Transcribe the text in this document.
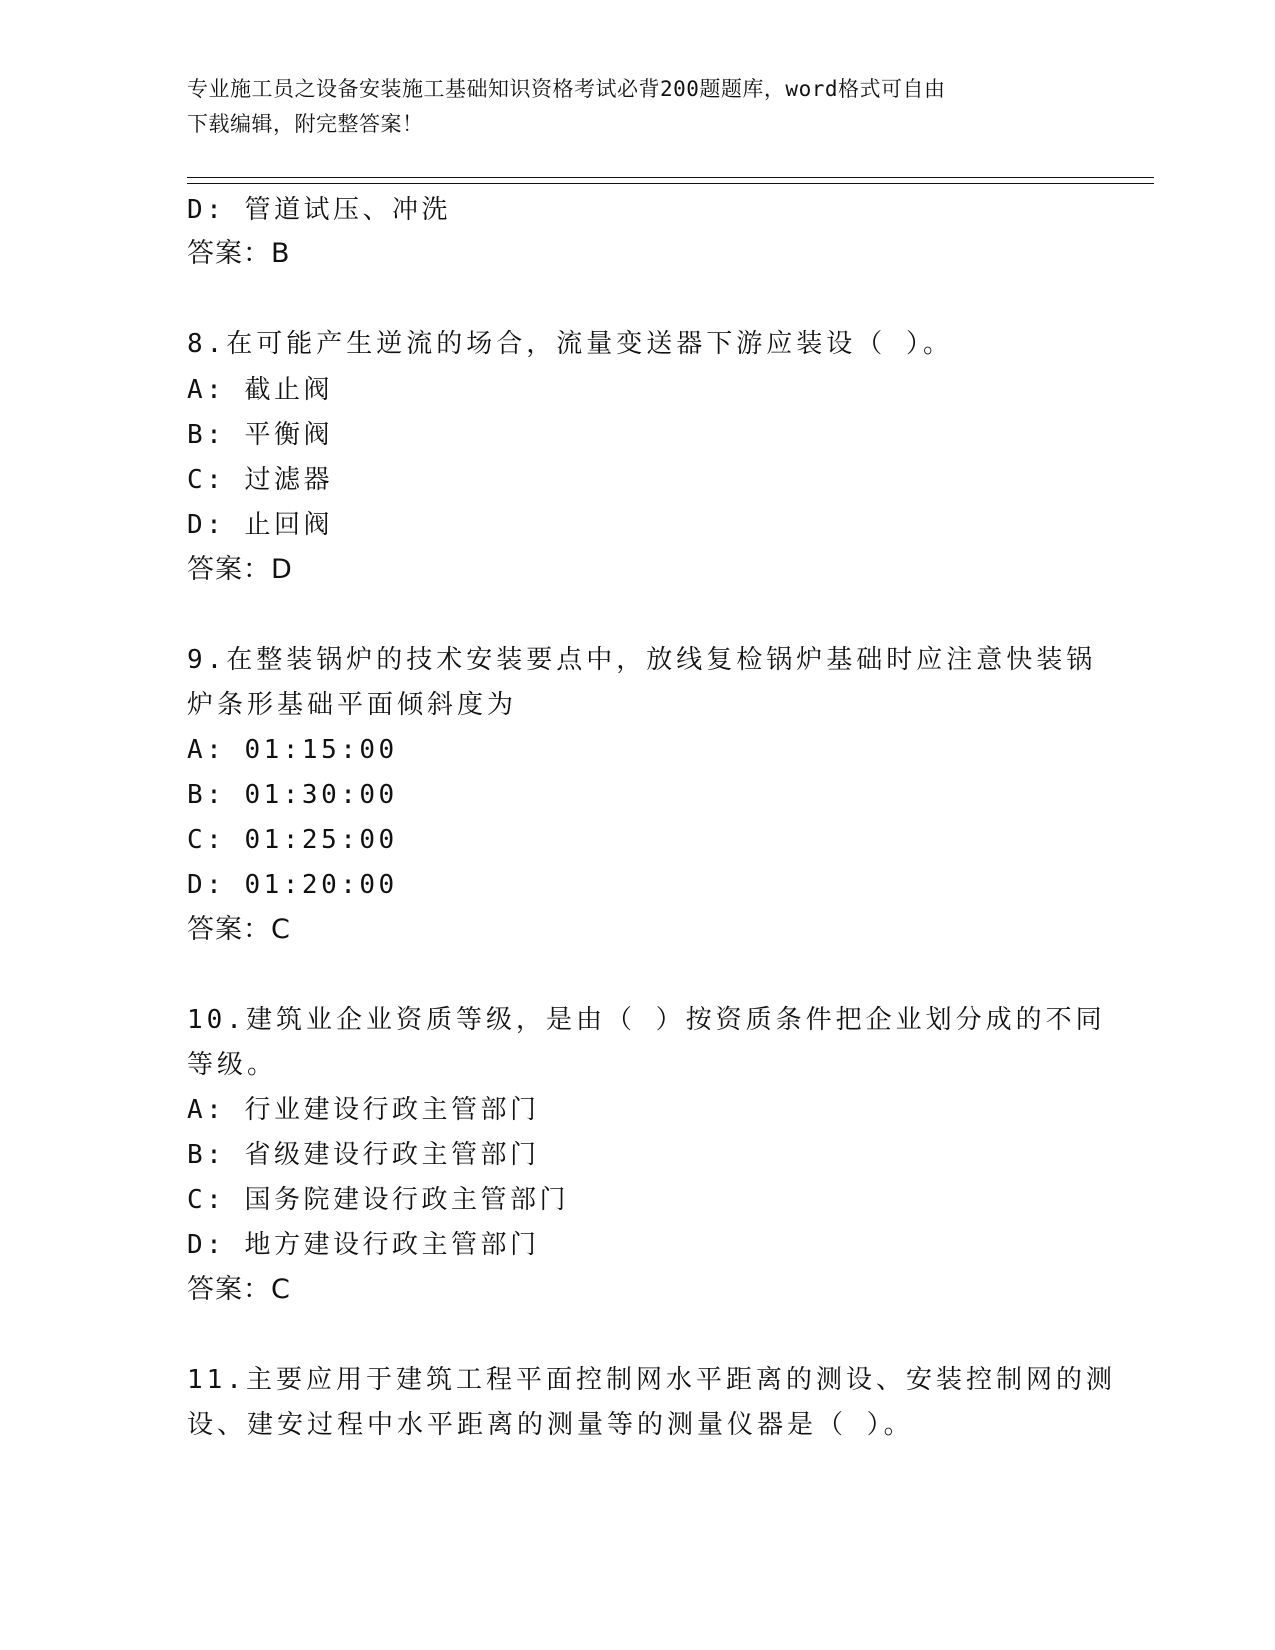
专业施工员之设备安装施工基础知识资格考试必背200题题库，word格式可自由
下载编辑，附完整答案！
D: 管道试压、冲洗
答案：B
8.在可能产生逆流的场合，流量变送器下游应装设（ ）。
A: 截止阀
B: 平衡阀
C: 过滤器
D: 止回阀
答案：D
9.在整装锅炉的技术安装要点中，放线复检锅炉基础时应注意快装锅
炉条形基础平面倾斜度为
A: 01:15:00
B: 01:30:00
C: 01:25:00
D: 01:20:00
答案：C
10.建筑业企业资质等级，是由（ ）按资质条件把企业划分成的不同
等级。
A: 行业建设行政主管部门
B: 省级建设行政主管部门
C: 国务院建设行政主管部门
D: 地方建设行政主管部门
答案：C
11.主要应用于建筑工程平面控制网水平距离的测设、安装控制网的测
设、建安过程中水平距离的测量等的测量仪器是（ ）。
